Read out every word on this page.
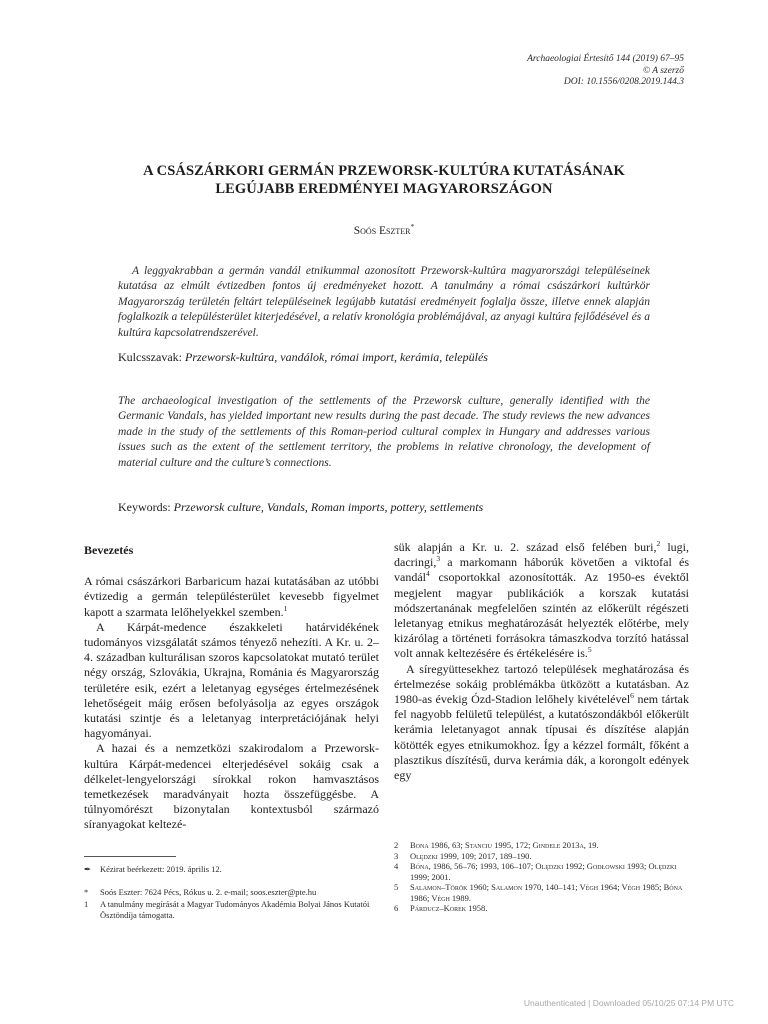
Archaeologiai Értesítő 144 (2019) 67–95
© A szerző
DOI: 10.1556/0208.2019.144.3
A CSÁSZÁRKORI GERMÁN PRZEWORSK-KULTÚRA KUTATÁSÁNAK
LEGÚJABB EREDMÉNYEI MAGYARORSZÁGON
Soós Eszter*
A leggyakrabban a germán vandál etnikummal azonosított Przeworsk-kultúra magyarországi településeinek kutatása az elmúlt évtizedben fontos új eredményeket hozott. A tanulmány a római császárkori kultúrkör Magyarország területén feltárt településeinek legújabb kutatási eredményeit foglalja össze, illetve ennek alapján foglalkozik a településterület kiterjedésével, a relatív kronológia problémájával, az anyagi kultúra fejlődésével és a kultúra kapcsolatrendszerével.
Kulcsszavak: Przeworsk-kultúra, vandálok, római import, kerámia, település
The archaeological investigation of the settlements of the Przeworsk culture, generally identified with the Germanic Vandals, has yielded important new results during the past decade. The study reviews the new advances made in the study of the settlements of this Roman-period cultural complex in Hungary and addresses various issues such as the extent of the settlement territory, the problems in relative chronology, the development of material culture and the culture’s connections.
Keywords: Przeworsk culture, Vandals, Roman imports, pottery, settlements
Bevezetés

A római császárkori Barbaricum hazai kutatásában az utóbbi évtizedig a germán településterület kevesebb figyelmet kapott a szarmata lelőhelyekkel szemben.$^1$

A Kárpát-medence északkeleti határvidékének tudományos vizsgálatát számos tényező nehezíti. A Kr. u. 2–4. században kulturálisan szoros kapcsolatokat mutató terület négy ország, Szlovákia, Ukrajna, Románia és Magyarország területére esik, ezért a leletanyag egységes értelmezésének lehetőségeit máig erősen befolyásolja az egyes országok kutatási szintje és a leletanyag interpretációjának helyi hagyományai.

A hazai és a nemzetközi szakirodalom a Przeworsk-kultúra Kárpát-medencei elterjedésével sokáig csak a délkelet-lengyelországi sírokkal rokon hamvasztásos temetkezések maradványait hozta összefüggésbe. A túlnyomórészt bizonytalan kontextusból származó síranyagokat keltezé-

sük alapján a Kr. u. 2. század első felében buri,$^2$ lugi, dacringi,$^3$ a markomann háborúk követően a viktofal és vandál$^4$ csoportokkal azonosították. Az 1950-es évektől megjelent magyar publikációk a korszak kutatási módszertanának megfelelően szintén az előkerült régészeti leletanyag etnikus meghatározását helyezték előtérbe, mely kizárólag a történeti forrásokra támaszkodva torzító hatással volt annak keltezésére és értékelésére is.$^5$

A síregyüttesekhez tartozó települések meghatározása és értelmezése sokáig problémákba ütközött a kutatásban. Az 1980-as évekig Ózd-Stadion lelőhely kivételével$^6$ nem tártak fel nagyobb felületű települést, a kutatószondákból előkerült kerámia leletanyagot annak típusai és díszítése alapján kötötték egyes etnikumokhoz. Így a kézzel formált, főként a plasztikus díszítésű, durva kerámia dák, a korongolt edények egy

✒	Kézirat beérkezett: 2019. április 12.
*	Soós Eszter: 7624 Pécs, Rókus u. 2. e-mail; soos.eszter@pte.hu
1	A tanulmány megírását a Magyar Tudományos Akadémia Bolyai János Kutatói Ösztöndíja támogatta.
2	Bona 1986, 63; Stanciu 1995, 172; Gindele 2013a, 19.
3	Olędzki 1999, 109; 2017, 189–190.
4	Bóna, 1986, 56–76; 1993, 106–107; Olędzki 1992; Godłowski 1993; Olędzki 1999; 2001.
5	Salamon–Török 1960; Salamon 1970, 140–141; Végh 1964; Végh 1985; Bóna 1986; Végh 1989.
6	Párducz–Korek 1958.
Unauthenticated | Downloaded 05/10/25 07:14 PM UTC
